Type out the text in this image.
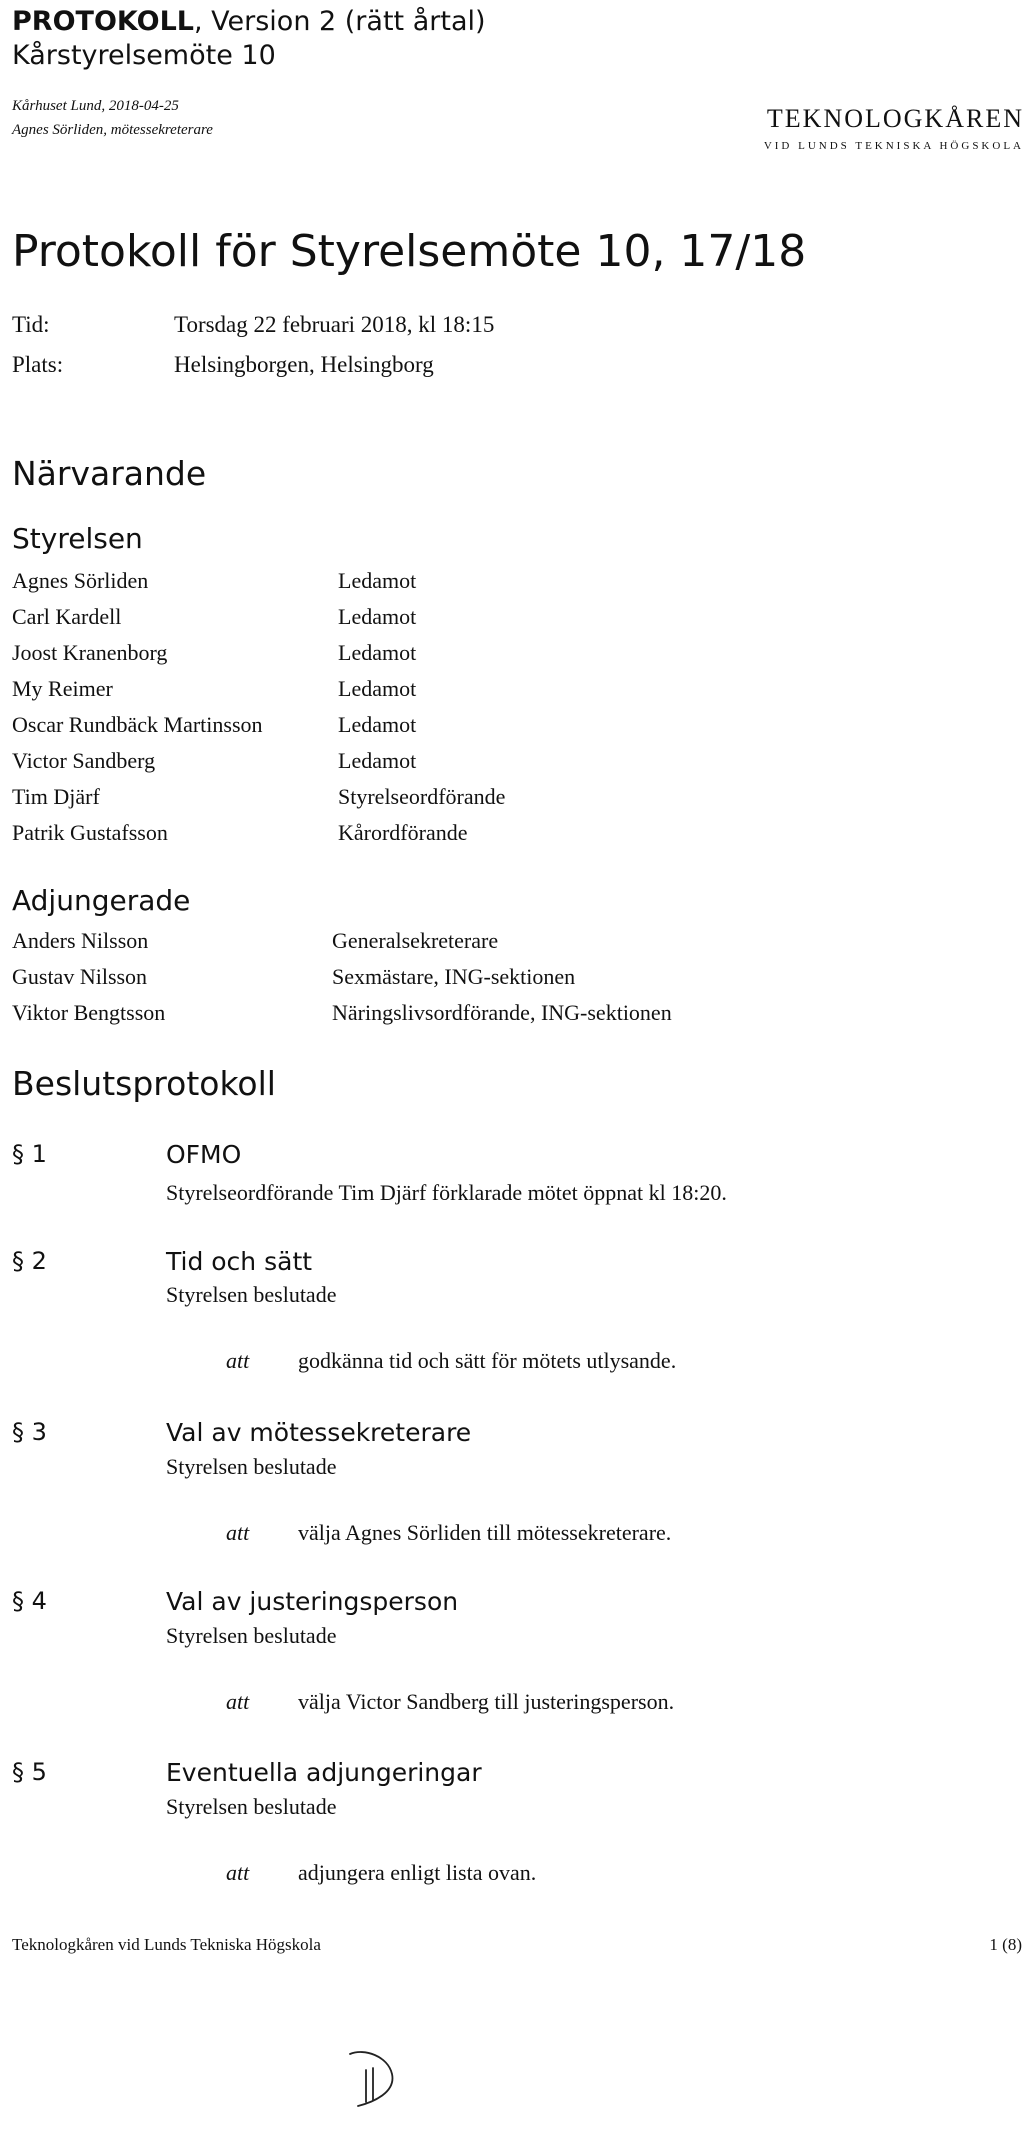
PROTOKOLL, Version 2 (rätt årtal)
Kårstyrelsemöte 10
Kårhuset Lund, 2018-04-25
Agnes Sörliden, mötessekreterare	TEKNOLOGKÅREN
VID LUNDS TEKNISKA HÖGSKOLA
Protokoll för Styrelsemöte 10, 17/18
Tid:	Torsdag 22 februari 2018, kl 18:15
Plats:	Helsingborgen, Helsingborg
Närvarande
Styrelsen
Agnes Sörliden	Ledamot
Carl Kardell	Ledamot
Joost Kranenborg	Ledamot
My Reimer	Ledamot
Oscar Rundbäck Martinsson	Ledamot
Victor Sandberg	Ledamot
Tim Djärf	Styrelseordförande
Patrik Gustafsson	Kårordförande
Adjungerade
Anders Nilsson	Generalsekreterare
Gustav Nilsson	Sexmästare, ING-sektionen
Viktor Bengtsson	Näringslivsordförande, ING-sektionen
Beslutsprotokoll
§ 1	OFMO
Styrelseordförande Tim Djärf förklarade mötet öppnat kl 18:20.
§ 2	Tid och sätt
Styrelsen beslutade
att godkänna tid och sätt för mötets utlysande.
§ 3	Val av mötessekreterare
Styrelsen beslutade
att välja Agnes Sörliden till mötessekreterare.
§ 4	Val av justeringsperson
Styrelsen beslutade
att välja Victor Sandberg till justeringsperson.
§ 5	Eventuella adjungeringar
Styrelsen beslutade
att adjungera enligt lista ovan.
Teknologkåren vid Lunds Tekniska Högskola	1 (8)
